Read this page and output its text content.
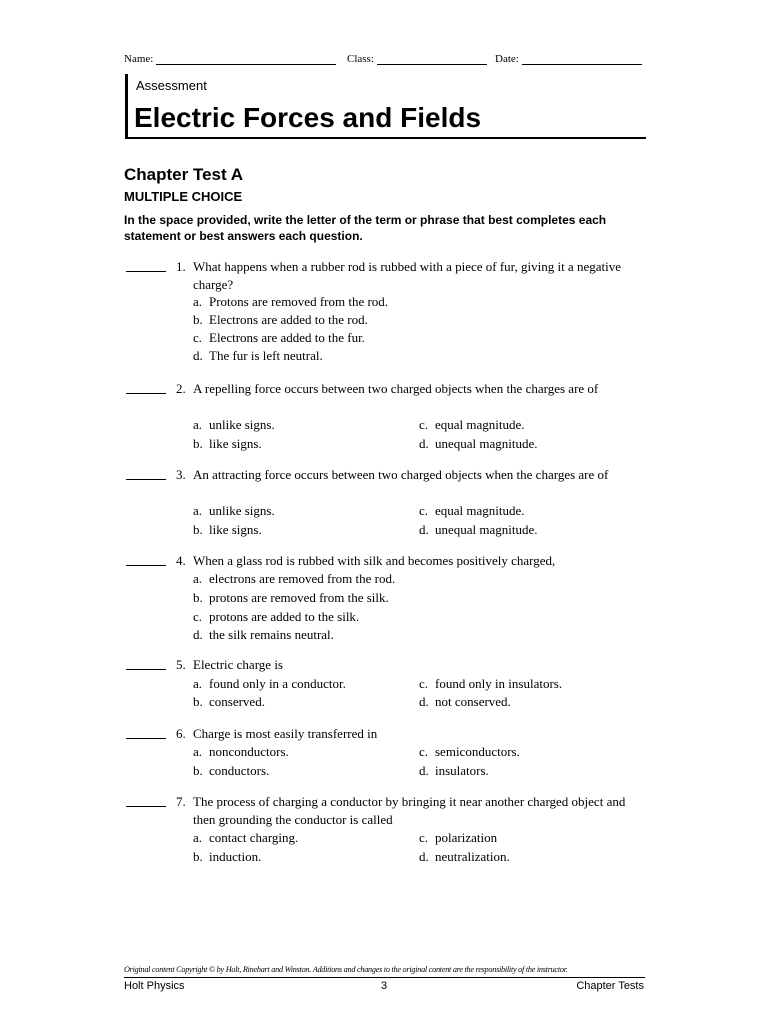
Name:	Class:	Date:
Assessment
Electric Forces and Fields
Chapter Test A
MULTIPLE CHOICE
In the space provided, write the letter of the term or phrase that best completes each statement or best answers each question.
1. What happens when a rubber rod is rubbed with a piece of fur, giving it a negative charge?
a. Protons are removed from the rod.
b. Electrons are added to the rod.
c. Electrons are added to the fur.
d. The fur is left neutral.
2. A repelling force occurs between two charged objects when the charges are of
a. unlike signs.
b. like signs.
c. equal magnitude.
d. unequal magnitude.
3. An attracting force occurs between two charged objects when the charges are of
a. unlike signs.
b. like signs.
c. equal magnitude.
d. unequal magnitude.
4. When a glass rod is rubbed with silk and becomes positively charged,
a. electrons are removed from the rod.
b. protons are removed from the silk.
c. protons are added to the silk.
d. the silk remains neutral.
5. Electric charge is
a. found only in a conductor.
b. conserved.
c. found only in insulators.
d. not conserved.
6. Charge is most easily transferred in
a. nonconductors.
b. conductors.
c. semiconductors.
d. insulators.
7. The process of charging a conductor by bringing it near another charged object and then grounding the conductor is called
a. contact charging.
b. induction.
c. polarization
d. neutralization.
Original content Copyright © by Holt, Rinehart and Winston. Additions and changes to the original content are the responsibility of the instructor.
Holt Physics	3	Chapter Tests
